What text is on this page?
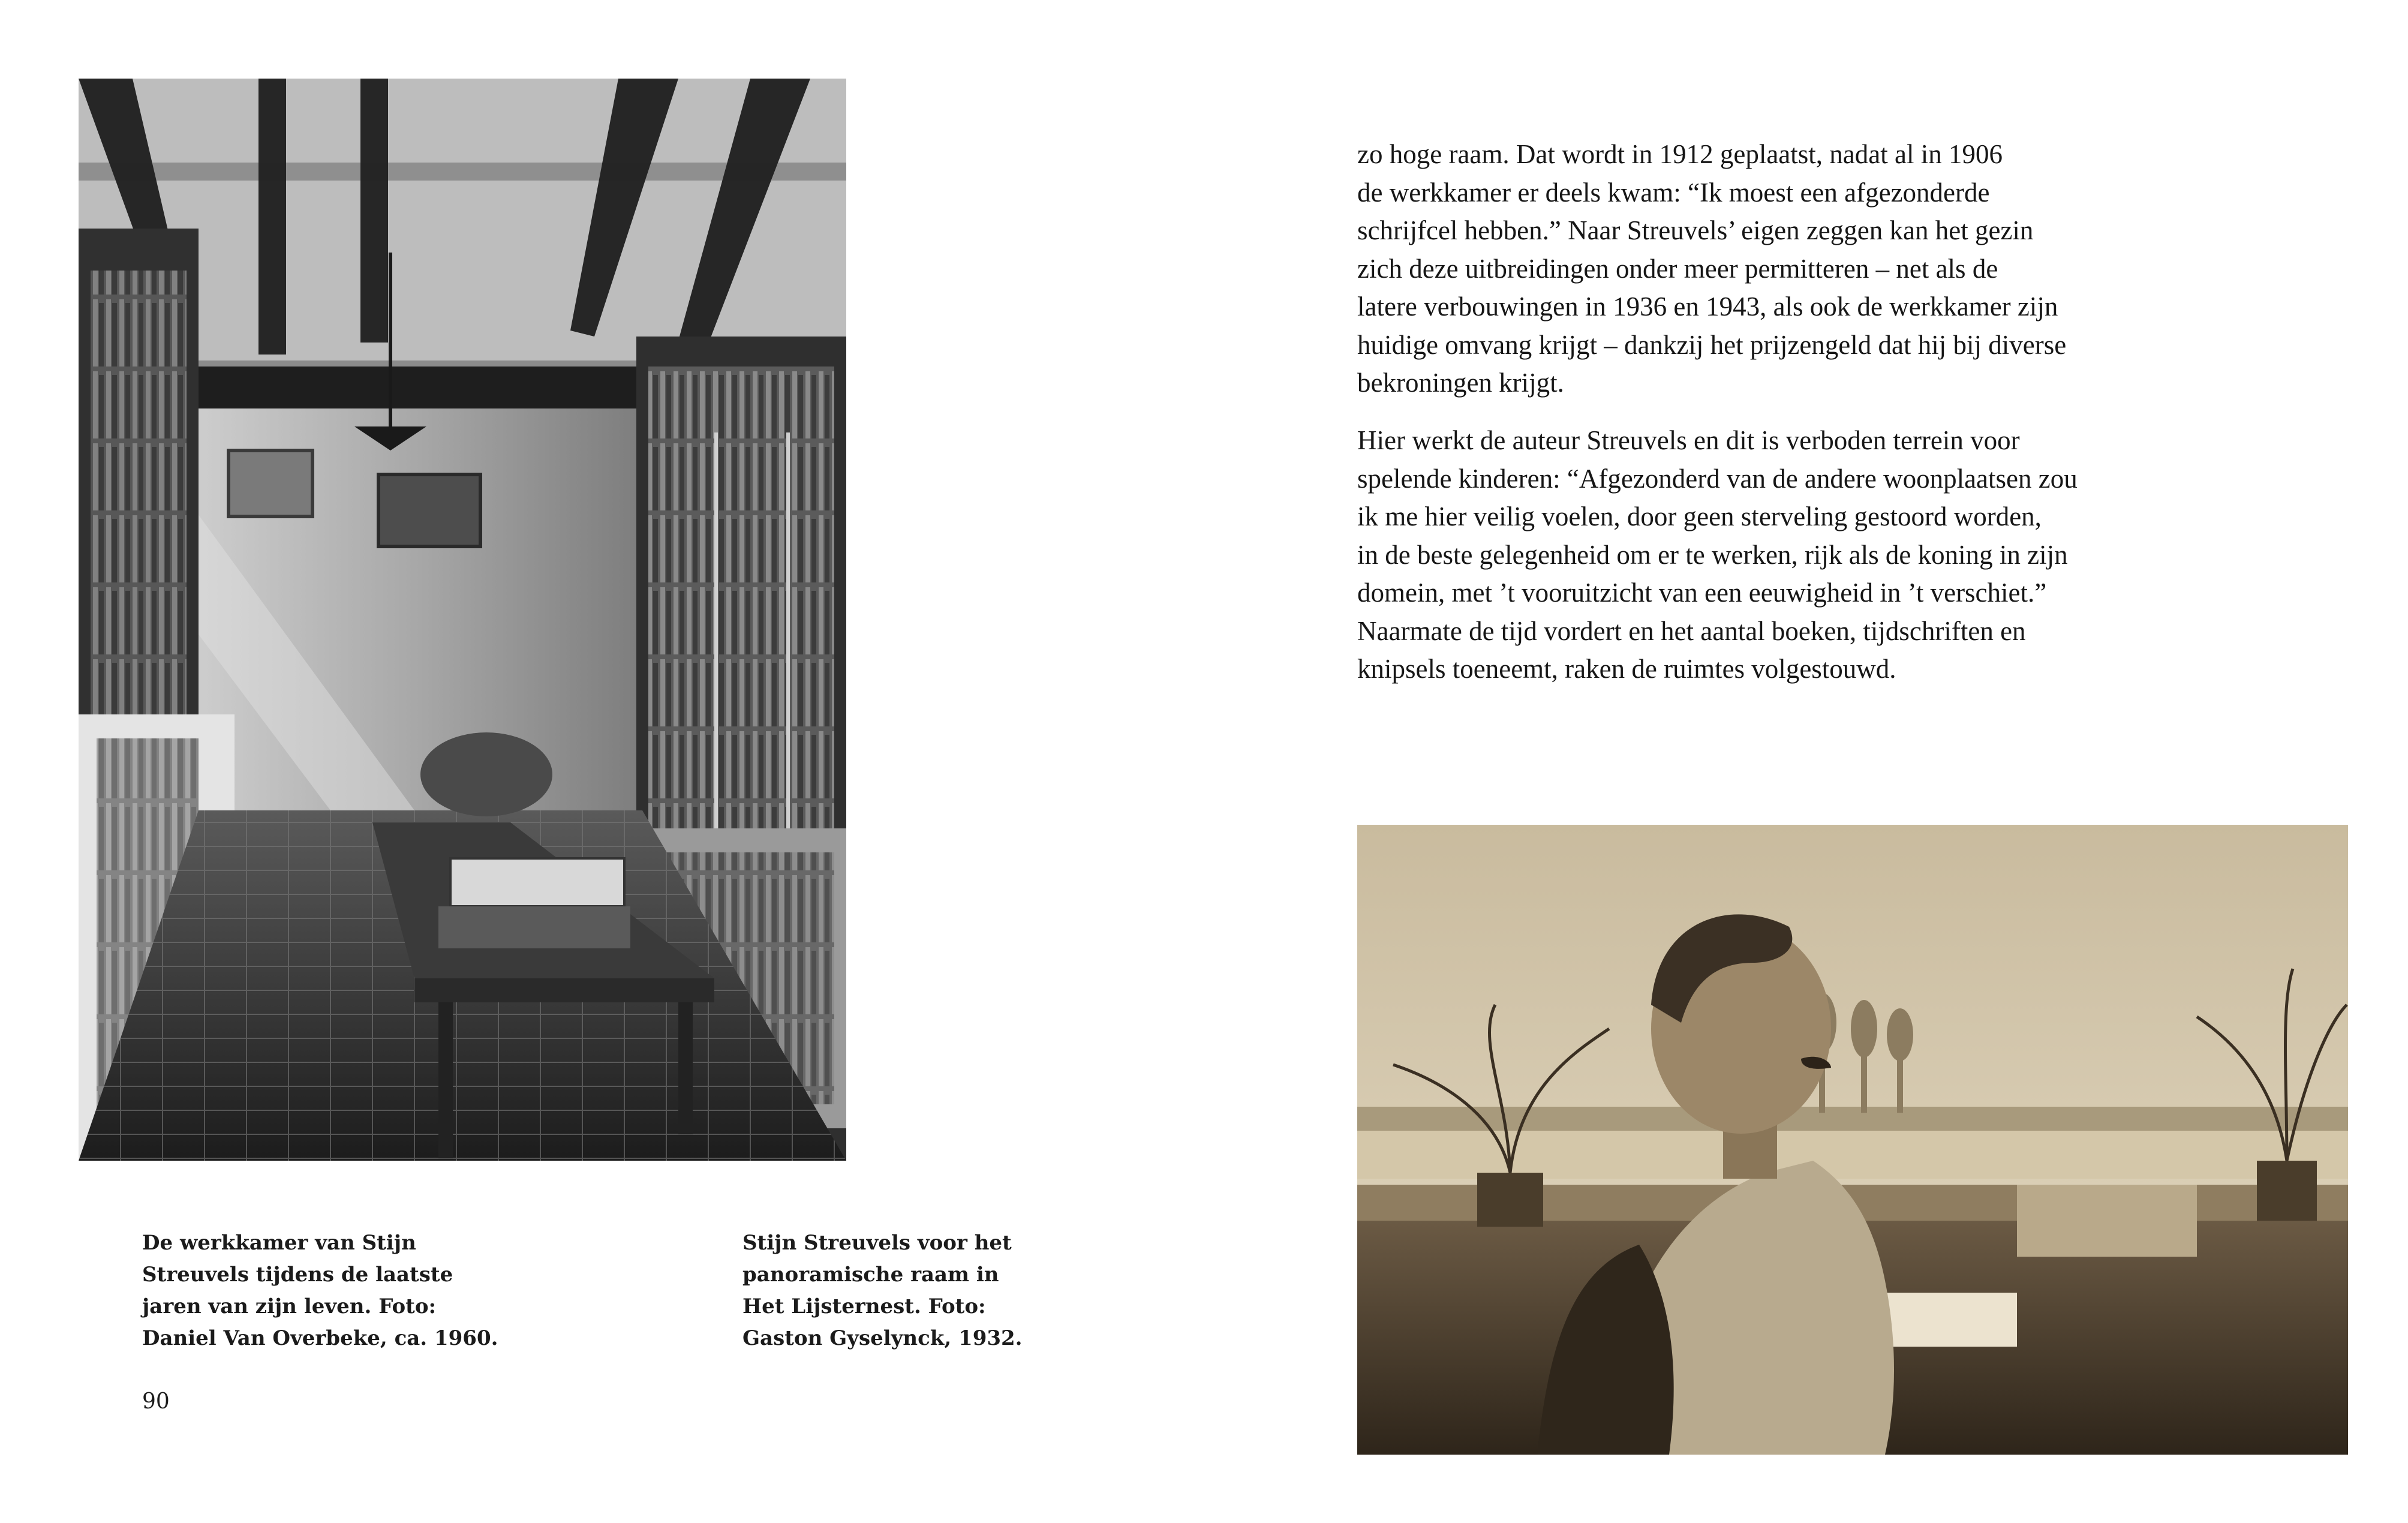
zo hoge raam. Dat wordt in 1912 geplaatst, nadat al in 1906
de werkkamer er deels kwam: “Ik moest een afgezonderde
schrijfcel hebben.” Naar Streuvels’ eigen zeggen kan het gezin
zich deze uitbreidingen onder meer permitteren – net als de
latere verbouwingen in 1936 en 1943, als ook de werkkamer zijn
huidige omvang krijgt – dankzij het prijzengeld dat hij bij diverse
bekroningen krijgt.
Hier werkt de auteur Streuvels en dit is verboden terrein voor
spelende kinderen: “Afgezonderd van de andere woonplaatsen zou
ik me hier veilig voelen, door geen sterveling gestoord worden,
in de beste gelegenheid om er te werken, rijk als de koning in zijn
domein, met ’t vooruitzicht van een eeuwigheid in ’t verschiet.”
Naarmate de tijd vordert en het aantal boeken, tijdschriften en
knipsels toeneemt, raken de ruimtes volgestouwd.
De werkkamer van Stijn
Streuvels tijdens de laatste
jaren van zijn leven. Foto:
Daniel Van Overbeke, ca. 1960.
Stijn Streuvels voor het
panoramische raam in
Het Lijsternest. Foto:
Gaston Gyselynck, 1932.
90
